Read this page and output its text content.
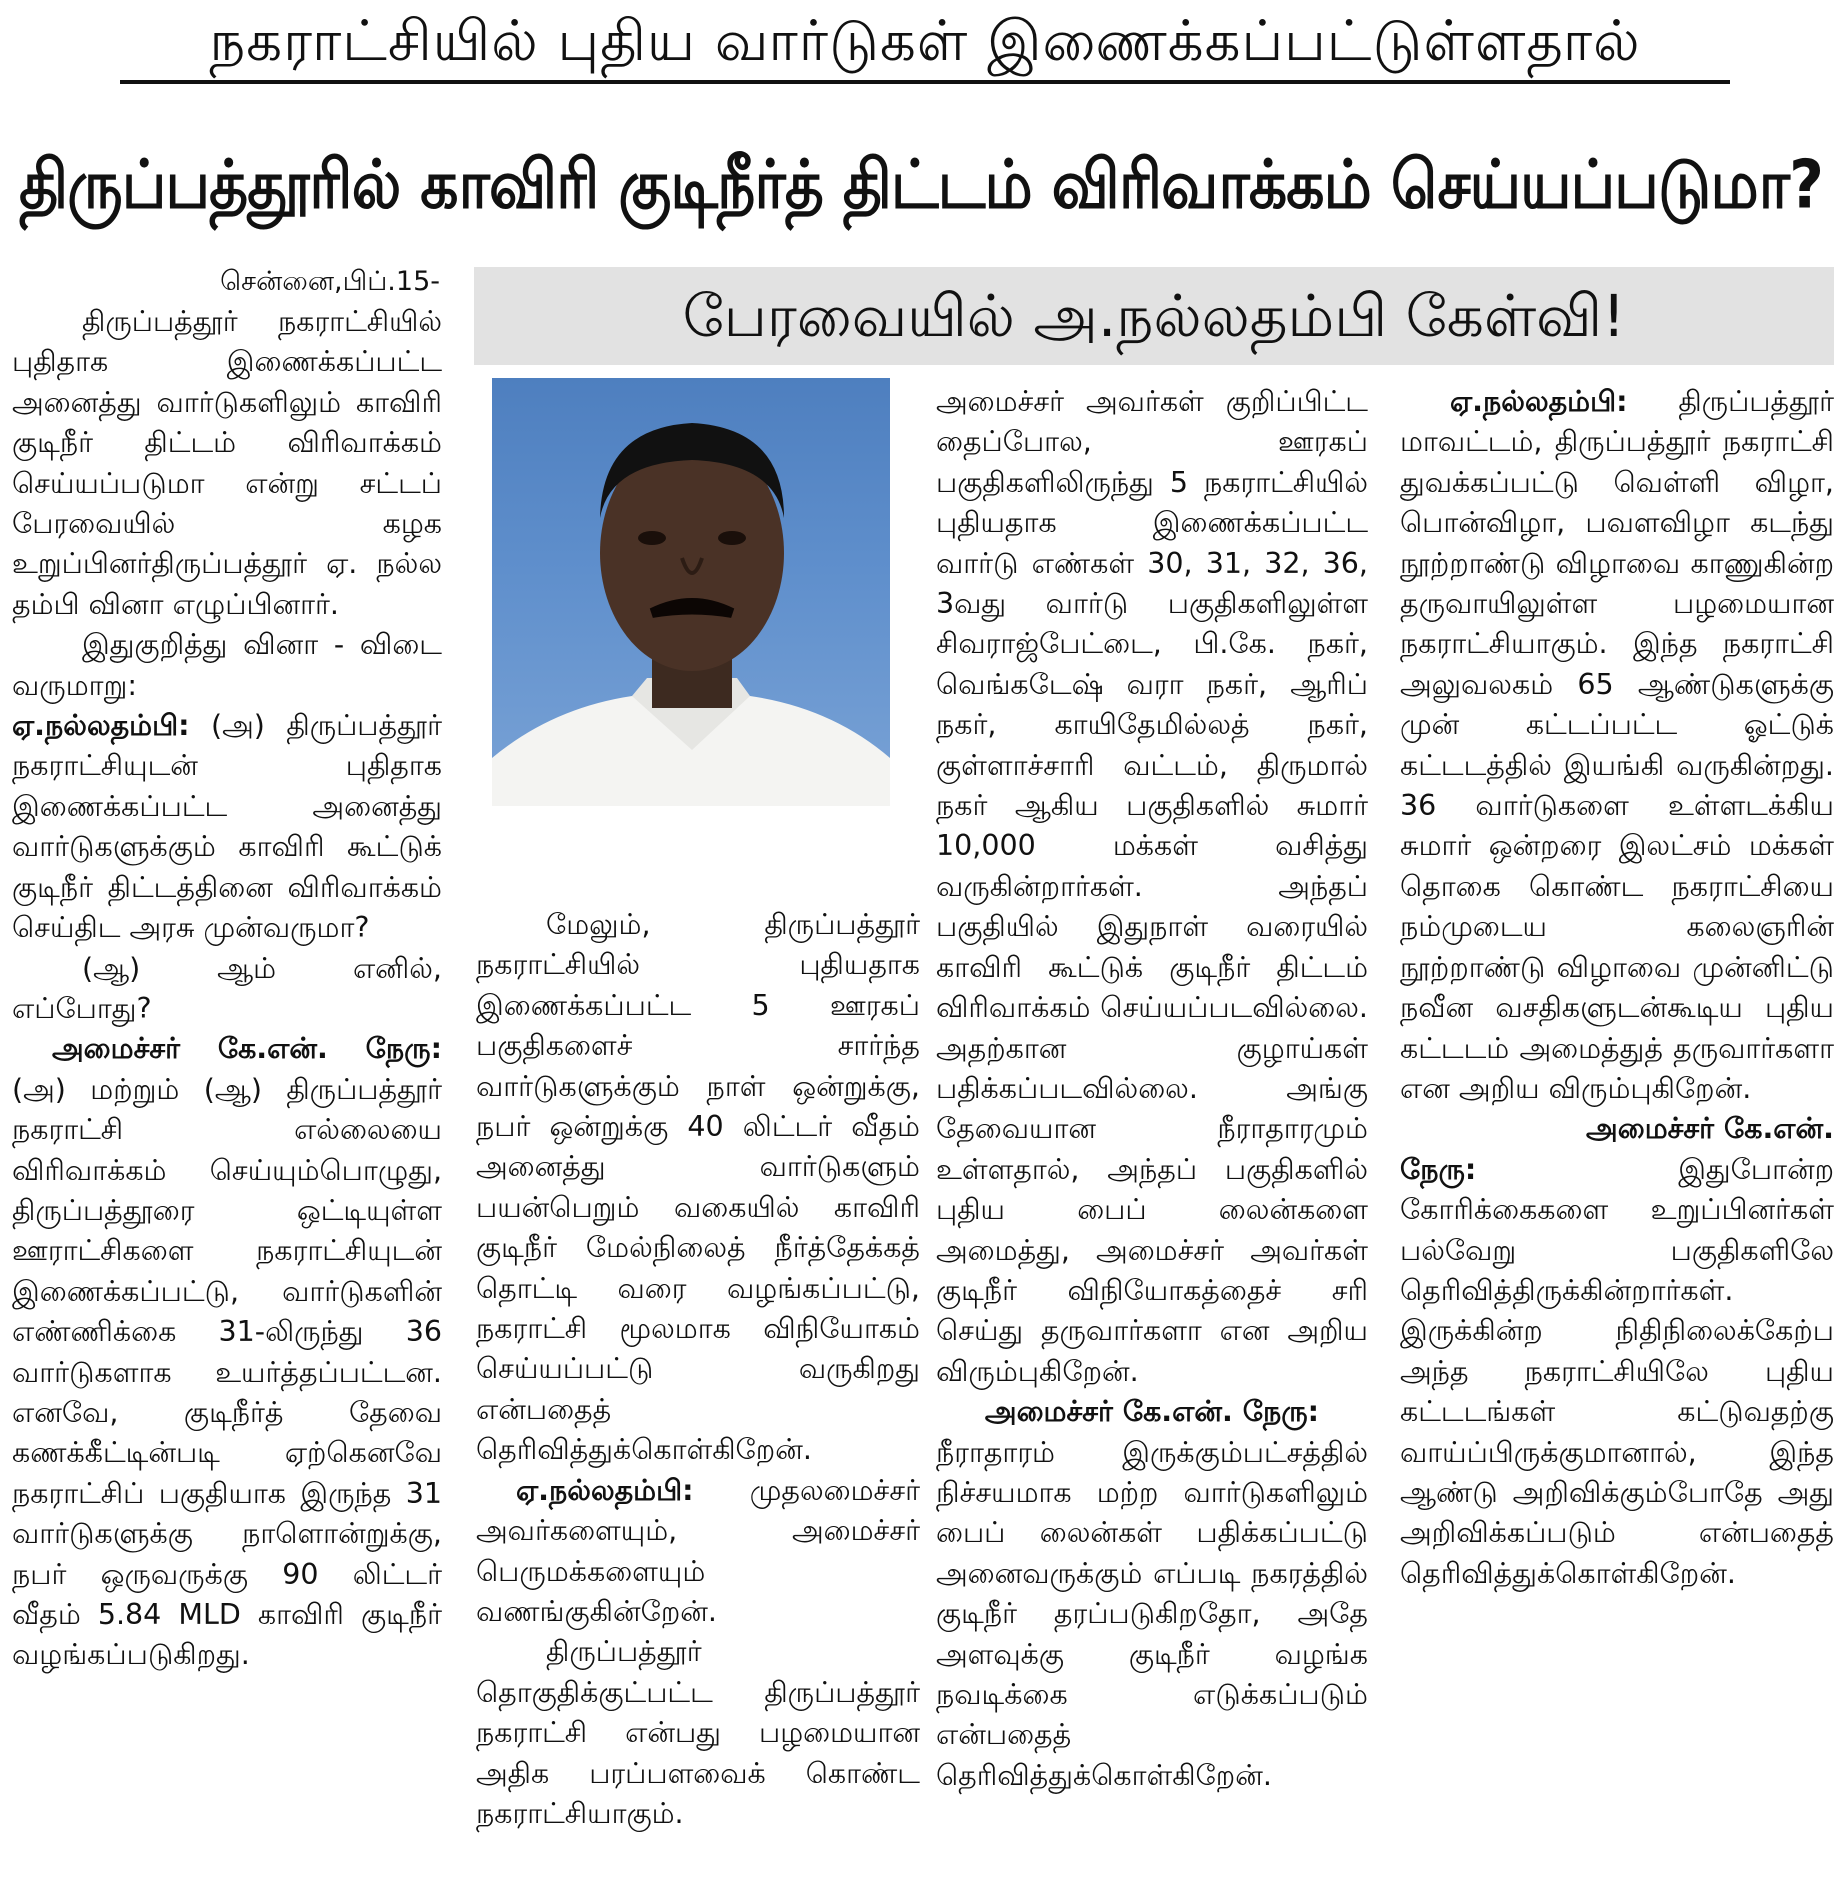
நகராட்சியில் புதிய வார்டுகள் இணைக்கப்பட்டுள்ளதால்
திருப்பத்தூரில் காவிரி குடிநீர்த் திட்டம் விரிவாக்கம் செய்யப்படுமா?
பேரவையில் அ.நல்லதம்பி கேள்வி!
சென்னை,பிப்.15-

திருப்பத்தூர் நகராட்சியில் புதிதாக இணைக்கப்பட்ட அனைத்து வார்டுகளிலும் காவிரி குடிநீர் திட்டம் விரிவாக்கம் செய்யப்படுமா என்று சட்டப் பேரவையில் கழக உறுப்பினர்திருப்பத்தூர் ஏ. நல்ல தம்பி வினா எழுப்பினார்.

இதுகுறித்து வினா - விடை வருமாறு:

ஏ.நல்லதம்பி: (அ) திருப்பத்தூர் நகராட்சியுடன் புதிதாக இணைக்கப்பட்ட அனைத்து வார்டுகளுக்கும் காவிரி கூட்டுக் குடிநீர் திட்டத்தினை விரிவாக்கம் செய்திட அரசு முன்வருமா?

(ஆ) ஆம் எனில், எப்போது?

அமைச்சர் கே.என். நேரு: (அ) மற்றும் (ஆ) திருப்பத்தூர் நகராட்சி எல்லையை விரிவாக்கம் செய்யும்பொழுது, திருப்பத்தூரை ஒட்டியுள்ள ஊராட்சிகளை நகராட்சியுடன் இணைக்கப்பட்டு, வார்டுகளின் எண்ணிக்கை 31-லிருந்து 36 வார்டுகளாக உயர்த்தப்பட்டன. எனவே, குடிநீர்த் தேவை கணக்கீட்டின்படி ஏற்கெனவே நகராட்சிப் பகுதியாக இருந்த 31 வார்டுகளுக்கு நாளொன்றுக்கு, நபர் ஒருவருக்கு 90 லிட்டர் வீதம் 5.84 MLD காவிரி குடிநீர் வழங்கப்படுகிறது.

மேலும், திருப்பத்தூர் நகராட்சியில் புதியதாக இணைக்கப்பட்ட 5 ஊரகப் பகுதிகளைச் சார்ந்த வார்டுகளுக்கும் நாள் ஒன்றுக்கு, நபர் ஒன்றுக்கு 40 லிட்டர் வீதம் அனைத்து வார்டுகளும் பயன்பெறும் வகையில் காவிரி குடிநீர் மேல்நிலைத் நீர்த்தேக்கத் தொட்டி வரை வழங்கப்பட்டு, நகராட்சி மூலமாக விநியோகம் செய்யப்பட்டு வருகிறது என்பதைத் தெரிவித்துக்கொள்கிறேன்.

ஏ.நல்லதம்பி: முதலமைச்சர் அவர்களையும், அமைச்சர் பெருமக்களையும் வணங்குகின்றேன்.

திருப்பத்தூர் தொகுதிக்குட்பட்ட திருப்பத்தூர் நகராட்சி என்பது பழமையான அதிக பரப்பளவைக் கொண்ட நகராட்சியாகும்.

அமைச்சர் அவர்கள் குறிப்பிட்ட தைப்போல, ஊரகப் பகுதிகளிலிருந்து 5 நகராட்சியில் புதியதாக இணைக்கப்பட்ட வார்டு எண்கள் 30, 31, 32, 36, 3வது வார்டு பகுதிகளிலுள்ள சிவராஜ்பேட்டை, பி.கே. நகர், வெங்கடேஷ் வரா நகர், ஆரிப் நகர், காயிதேமில்லத் நகர், குள்ளாச்சாரி வட்டம், திருமால் நகர் ஆகிய பகுதிகளில் சுமார் 10,000 மக்கள் வசித்து வருகின்றார்கள். அந்தப் பகுதியில் இதுநாள் வரையில் காவிரி கூட்டுக் குடிநீர் திட்டம் விரிவாக்கம் செய்யப்படவில்லை. அதற்கான குழாய்கள் பதிக்கப்படவில்லை. அங்கு தேவையான நீராதாரமும் உள்ளதால், அந்தப் பகுதிகளில் புதிய பைப் லைன்களை அமைத்து, அமைச்சர் அவர்கள் குடிநீர் விநியோகத்தைச் சரி செய்து தருவார்களா என அறிய விரும்புகிறேன்.

அமைச்சர் கே.என். நேரு:

நீராதாரம் இருக்கும்பட்சத்தில் நிச்சயமாக மற்ற வார்டுகளிலும் பைப் லைன்கள் பதிக்கப்பட்டு அனைவருக்கும் எப்படி நகரத்தில் குடிநீர் தரப்படுகிறதோ, அதே அளவுக்கு குடிநீர் வழங்க நவடிக்கை எடுக்கப்படும் என்பதைத் தெரிவித்துக்கொள்கிறேன்.

ஏ.நல்லதம்பி: திருப்பத்தூர் மாவட்டம், திருப்பத்தூர் நகராட்சி துவக்கப்பட்டு வெள்ளி விழா, பொன்விழா, பவளவிழா கடந்து நூற்றாண்டு விழாவை காணுகின்ற தருவாயிலுள்ள பழமையான நகராட்சியாகும். இந்த நகராட்சி அலுவலகம் 65 ஆண்டுகளுக்கு முன் கட்டப்பட்ட ஓட்டுக் கட்டடத்தில் இயங்கி வருகின்றது. 36 வார்டுகளை உள்ளடக்கிய சுமார் ஒன்றரை இலட்சம் மக்கள் தொகை கொண்ட நகராட்சியை நம்முடைய கலைஞரின் நூற்றாண்டு விழாவை முன்னிட்டு நவீன வசதிகளுடன்கூடிய புதிய கட்டடம் அமைத்துத் தருவார்களா என அறிய விரும்புகிறேன்.

அமைச்சர் கே.என்.

நேரு:	இதுபோன்ற கோரிக்கைகளை உறுப்பினர்கள் பல்வேறு பகுதிகளிலே தெரிவித்திருக்கின்றார்கள். இருக்கின்ற நிதிநிலைக்கேற்ப அந்த நகராட்சியிலே புதிய கட்டடங்கள் கட்டுவதற்கு வாய்ப்பிருக்குமானால், இந்த ஆண்டு அறிவிக்கும்போதே அது அறிவிக்கப்படும் என்பதைத் தெரிவித்துக்கொள்கிறேன்.
